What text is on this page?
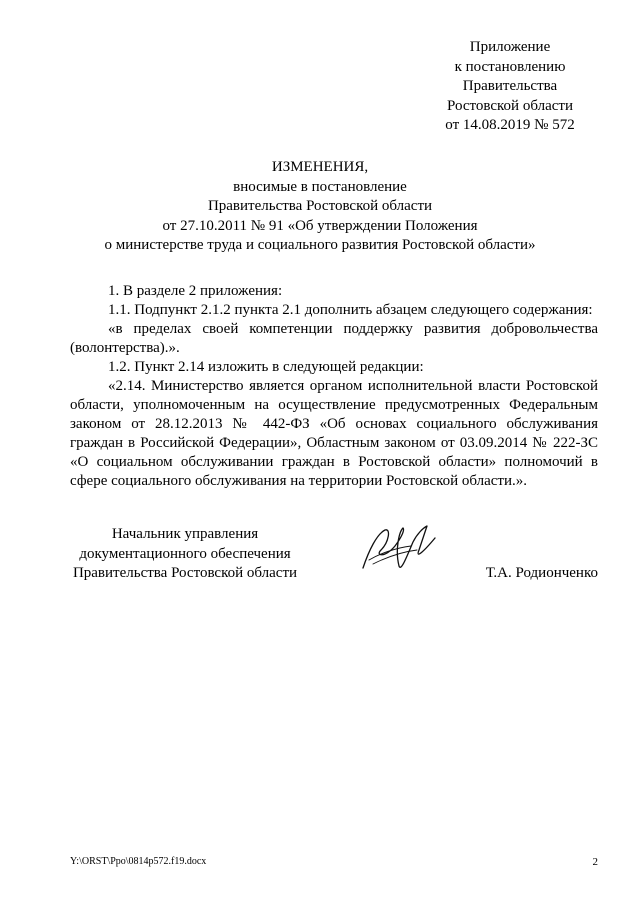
Приложение
к постановлению
Правительства
Ростовской области
от 14.08.2019 № 572
ИЗМЕНЕНИЯ,
вносимые в постановление
Правительства Ростовской области
от 27.10.2011 № 91 «Об утверждении Положения
о министерстве труда и социального развития Ростовской области»

1. В разделе 2 приложения:

1.1. Подпункт 2.1.2 пункта 2.1 дополнить абзацем следующего содержания:

«в пределах своей компетенции поддержку развития добровольчества (волонтерства).».

1.2. Пункт 2.14 изложить в следующей редакции:

«2.14. Министерство является органом исполнительной власти Ростовской области, уполномоченным на осуществление предусмотренных Федеральным законом от 28.12.2013 № 442-ФЗ «Об основах социального обслуживания граждан в Российской Федерации», Областным законом от 03.09.2014 № 222-ЗС «О социальном обслуживании граждан в Ростовской области» полномочий в сфере социального обслуживания на территории Ростовской области.».

Начальник управления
документационного обеспечения
Правительства Ростовской области	Т.А. Родионченко
Y:\ORST\Ppo\0814p572.f19.docx	2
